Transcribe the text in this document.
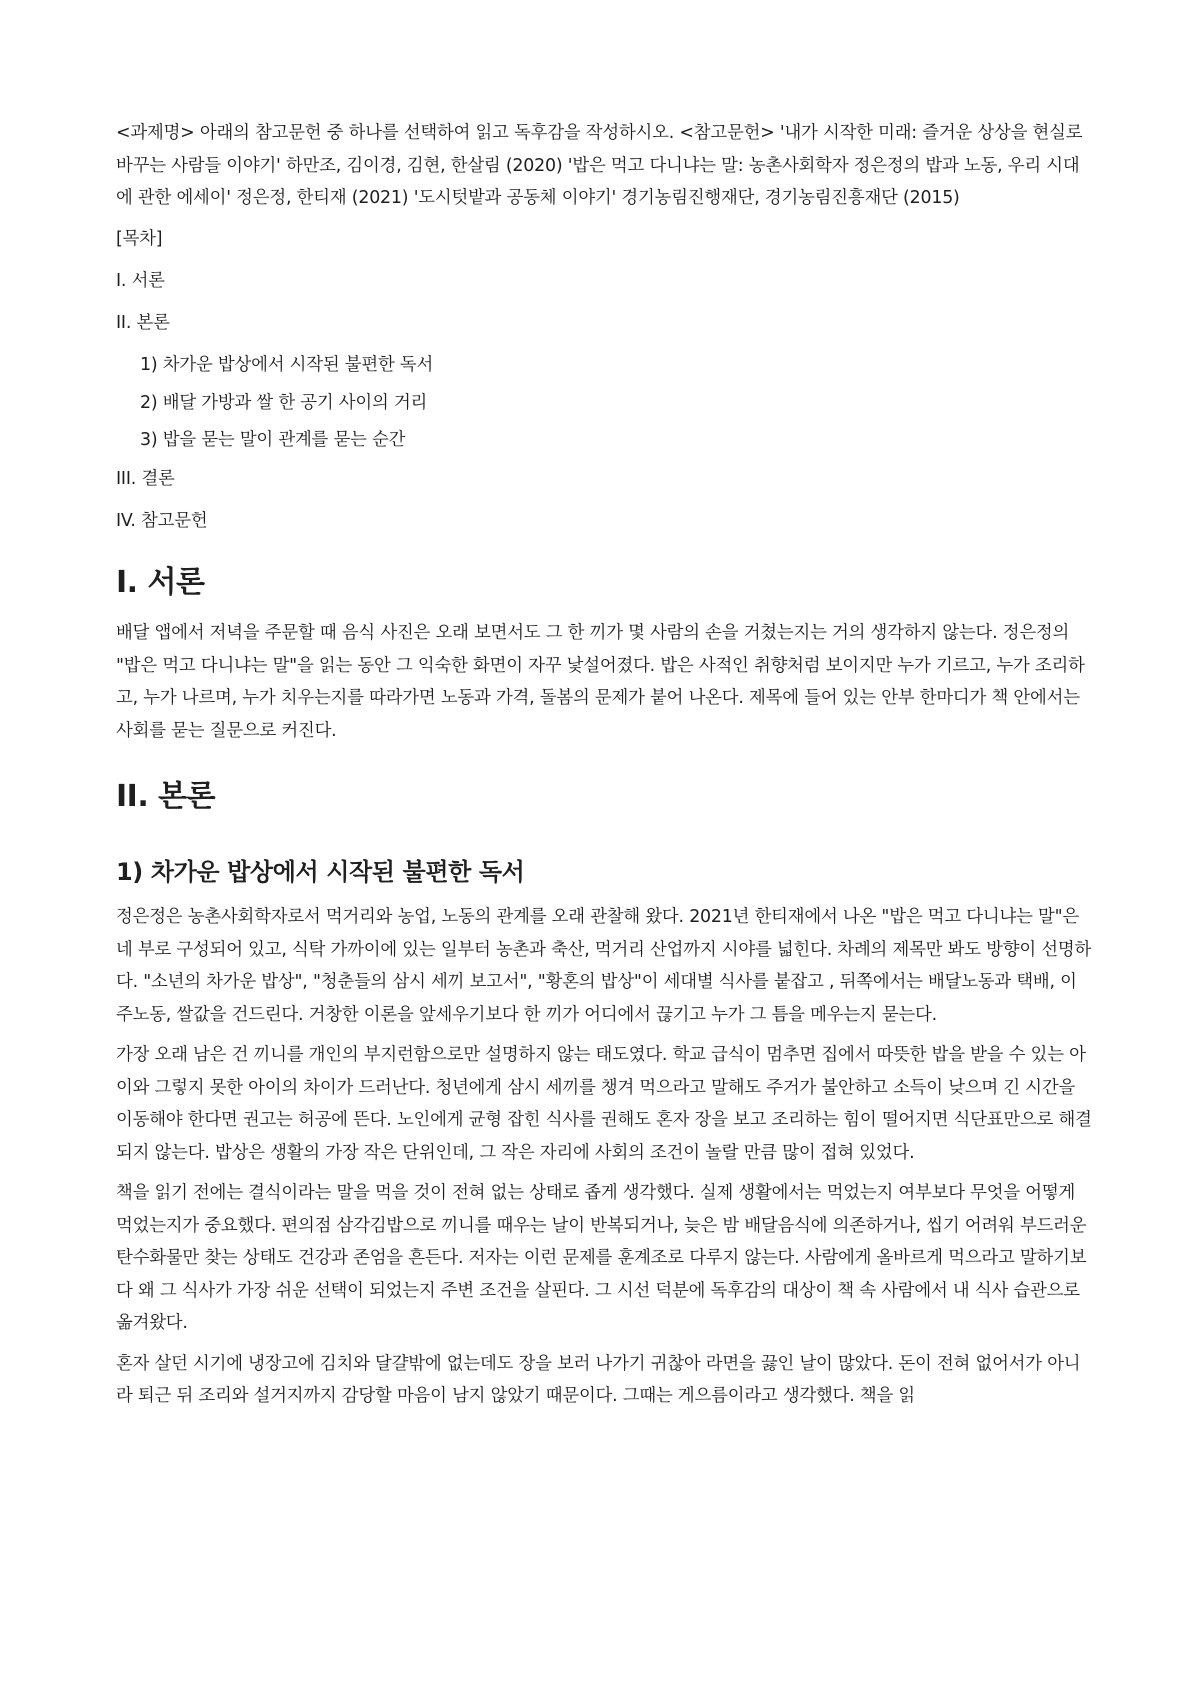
<과제명> 아래의 참고문헌 중 하나를 선택하여 읽고 독후감을 작성하시오. <참고문헌> '내가 시작한 미래: 즐거운 상상을 현실로 바꾸는 사람들 이야기' 하만조, 김이경, 김현, 한살림 (2020) '밥은 먹고 다니냐는 말: 농촌사회학자 정은정의 밥과 노동, 우리 시대에 관한 에세이' 정은정, 한티재 (2021) '도시텃밭과 공동체 이야기' 경기농림진행재단, 경기농림진흥재단 (2015)

[목차]

I. 서론

II. 본론

1) 차가운 밥상에서 시작된 불편한 독서

2) 배달 가방과 쌀 한 공기 사이의 거리

3) 밥을 묻는 말이 관계를 묻는 순간

III. 결론

IV. 참고문헌

I. 서론

배달 앱에서 저녁을 주문할 때 음식 사진은 오래 보면서도 그 한 끼가 몇 사람의 손을 거쳤는지는 거의 생각하지 않는다. 정은정의 "밥은 먹고 다니냐는 말"을 읽는 동안 그 익숙한 화면이 자꾸 낯설어졌다. 밥은 사적인 취향처럼 보이지만 누가 기르고, 누가 조리하고, 누가 나르며, 누가 치우는지를 따라가면 노동과 가격, 돌봄의 문제가 붙어 나온다. 제목에 들어 있는 안부 한마디가 책 안에서는 사회를 묻는 질문으로 커진다.

II. 본론
1) 차가운 밥상에서 시작된 불편한 독서

정은정은 농촌사회학자로서 먹거리와 농업, 노동의 관계를 오래 관찰해 왔다. 2021년 한티재에서 나온 "밥은 먹고 다니냐는 말"은 네 부로 구성되어 있고, 식탁 가까이에 있는 일부터 농촌과 축산, 먹거리 산업까지 시야를 넓힌다. 차례의 제목만 봐도 방향이 선명하다. "소년의 차가운 밥상", "청춘들의 삼시 세끼 보고서", "황혼의 밥상"이 세대별 식사를 붙잡고 , 뒤쪽에서는 배달노동과 택배, 이주노동, 쌀값을 건드린다. 거창한 이론을 앞세우기보다 한 끼가 어디에서 끊기고 누가 그 틈을 메우는지 묻는다.

가장 오래 남은 건 끼니를 개인의 부지런함으로만 설명하지 않는 태도였다. 학교 급식이 멈추면 집에서 따뜻한 밥을 받을 수 있는 아이와 그렇지 못한 아이의 차이가 드러난다. 청년에게 삼시 세끼를 챙겨 먹으라고 말해도 주거가 불안하고 소득이 낮으며 긴 시간을 이동해야 한다면 권고는 허공에 뜬다. 노인에게 균형 잡힌 식사를 권해도 혼자 장을 보고 조리하는 힘이 떨어지면 식단표만으로 해결되지 않는다. 밥상은 생활의 가장 작은 단위인데, 그 작은 자리에 사회의 조건이 놀랄 만큼 많이 접혀 있었다.

책을 읽기 전에는 결식이라는 말을 먹을 것이 전혀 없는 상태로 좁게 생각했다. 실제 생활에서는 먹었는지 여부보다 무엇을 어떻게 먹었는지가 중요했다. 편의점 삼각김밥으로 끼니를 때우는 날이 반복되거나, 늦은 밤 배달음식에 의존하거나, 씹기 어려워 부드러운 탄수화물만 찾는 상태도 건강과 존엄을 흔든다. 저자는 이런 문제를 훈계조로 다루지 않는다. 사람에게 올바르게 먹으라고 말하기보다 왜 그 식사가 가장 쉬운 선택이 되었는지 주변 조건을 살핀다. 그 시선 덕분에 독후감의 대상이 책 속 사람에서 내 식사 습관으로 옮겨왔다.

혼자 살던 시기에 냉장고에 김치와 달걀밖에 없는데도 장을 보러 나가기 귀찮아 라면을 끓인 날이 많았다. 돈이 전혀 없어서가 아니라 퇴근 뒤 조리와 설거지까지 감당할 마음이 남지 않았기 때문이다. 그때는 게으름이라고 생각했다. 책을 읽
